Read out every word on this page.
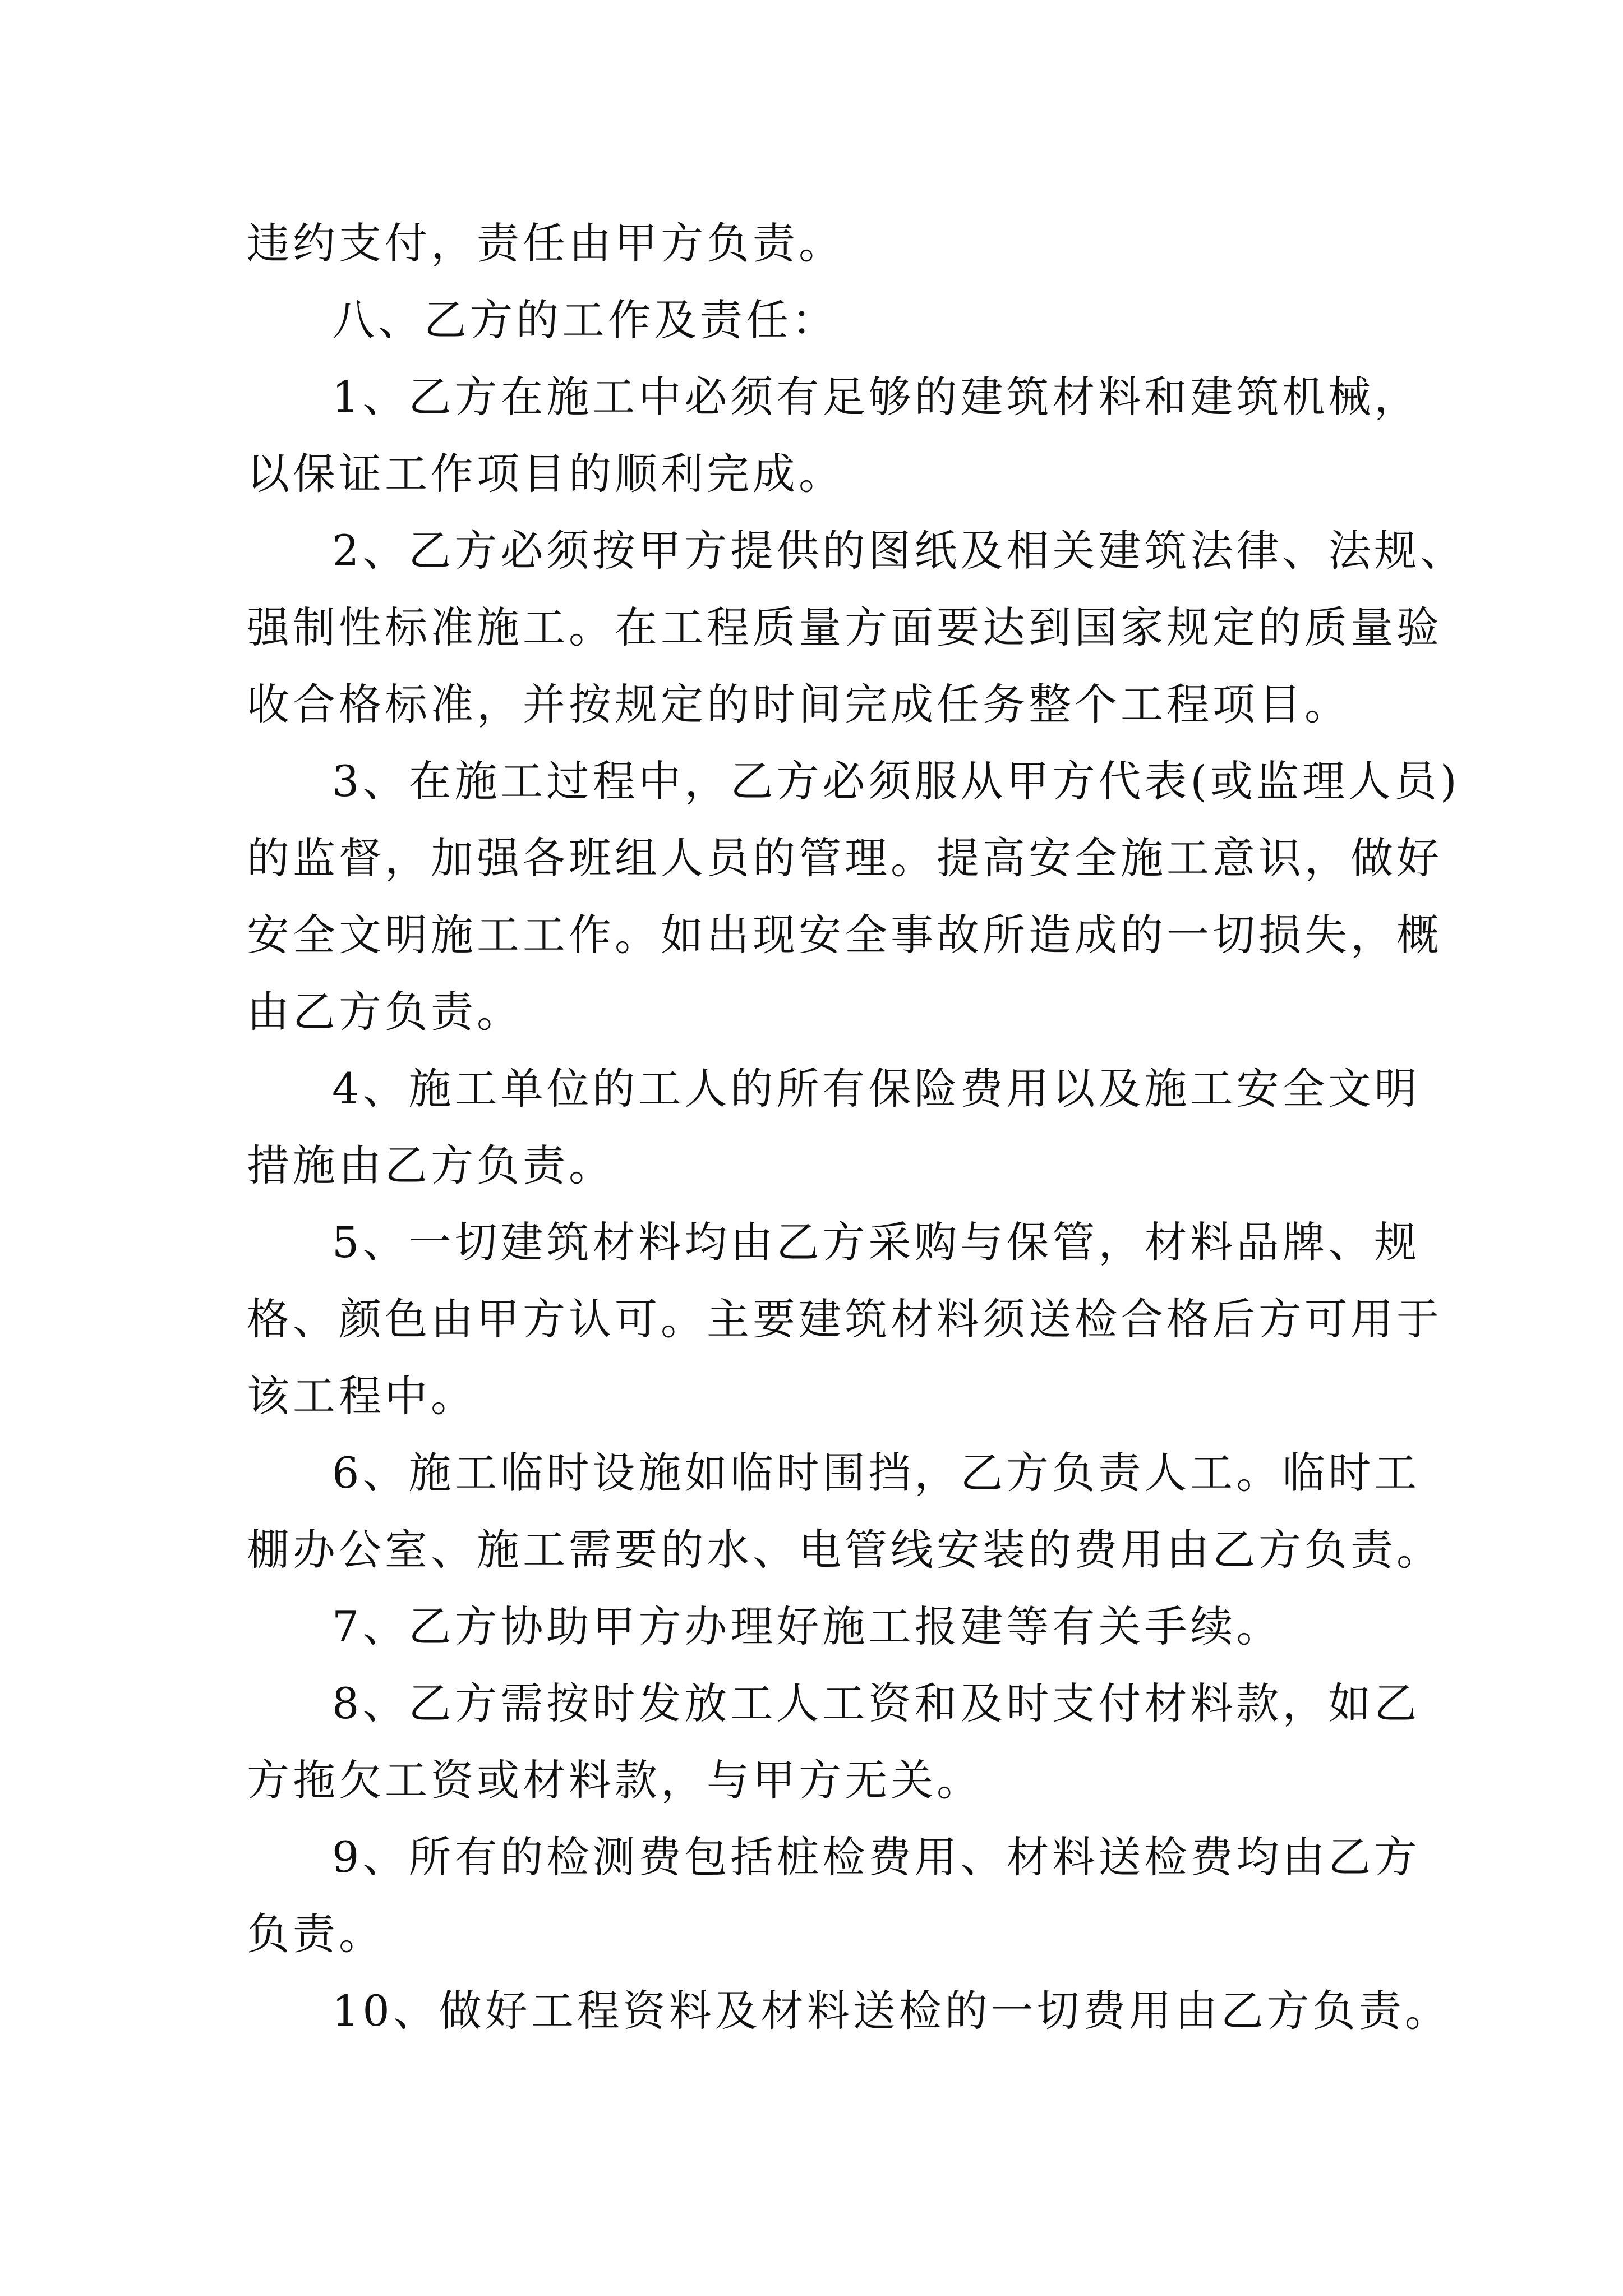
违约支付，责任由甲方负责。

八、乙方的工作及责任：

1、乙方在施工中必须有足够的建筑材料和建筑机械，
以保证工作项目的顺利完成。

2、乙方必须按甲方提供的图纸及相关建筑法律、法规、
强制性标准施工。在工程质量方面要达到国家规定的质量验
收合格标准，并按规定的时间完成任务整个工程项目。

3、在施工过程中，乙方必须服从甲方代表(或监理人员)
的监督，加强各班组人员的管理。提高安全施工意识，做好
安全文明施工工作。如出现安全事故所造成的一切损失，概
由乙方负责。

4、施工单位的工人的所有保险费用以及施工安全文明
措施由乙方负责。

5、一切建筑材料均由乙方采购与保管，材料品牌、规
格、颜色由甲方认可。主要建筑材料须送检合格后方可用于
该工程中。

6、施工临时设施如临时围挡，乙方负责人工。临时工
棚办公室、施工需要的水、电管线安装的费用由乙方负责。

7、乙方协助甲方办理好施工报建等有关手续。

8、乙方需按时发放工人工资和及时支付材料款，如乙
方拖欠工资或材料款，与甲方无关。

9、所有的检测费包括桩检费用、材料送检费均由乙方
负责。

10、做好工程资料及材料送检的一切费用由乙方负责。
